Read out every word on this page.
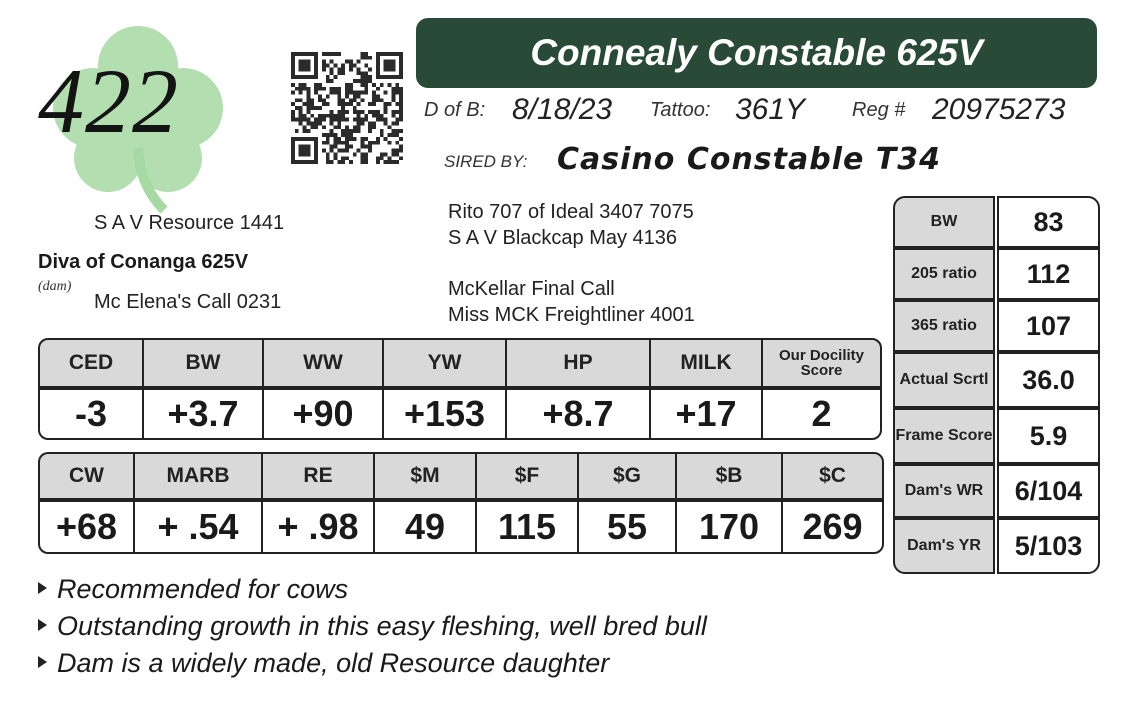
422	Connealy Constable 625V
D of B: 8/18/23 Tattoo: 361Y Reg # 20975273
SIRED BY: Casino Constable T34
S A V Resource 1441
Diva of Conanga 625V
(dam)
Mc Elena's Call 0231
Rito 707 of Ideal 3407 7075
S A V Blackcap May 4136
McKellar Final Call
Miss MCK Freightliner 4001
BW	83
205 ratio	112
365 ratio	107
Actual Scrtl	36.0
Frame Score	5.9
Dam's WR	6/104
Dam's YR	5/103
CED	BW	WW	YW	HP	MILK	Our Docility Score
-3	+3.7	+90	+153	+8.7	+17	2
CW	MARB	RE	$M	$F	$G	$B	$C
+68	+ .54	+ .98	49	115	55	170	269
Recommended for cows
Outstanding growth in this easy fleshing, well bred bull
Dam is a widely made, old Resource daughter
